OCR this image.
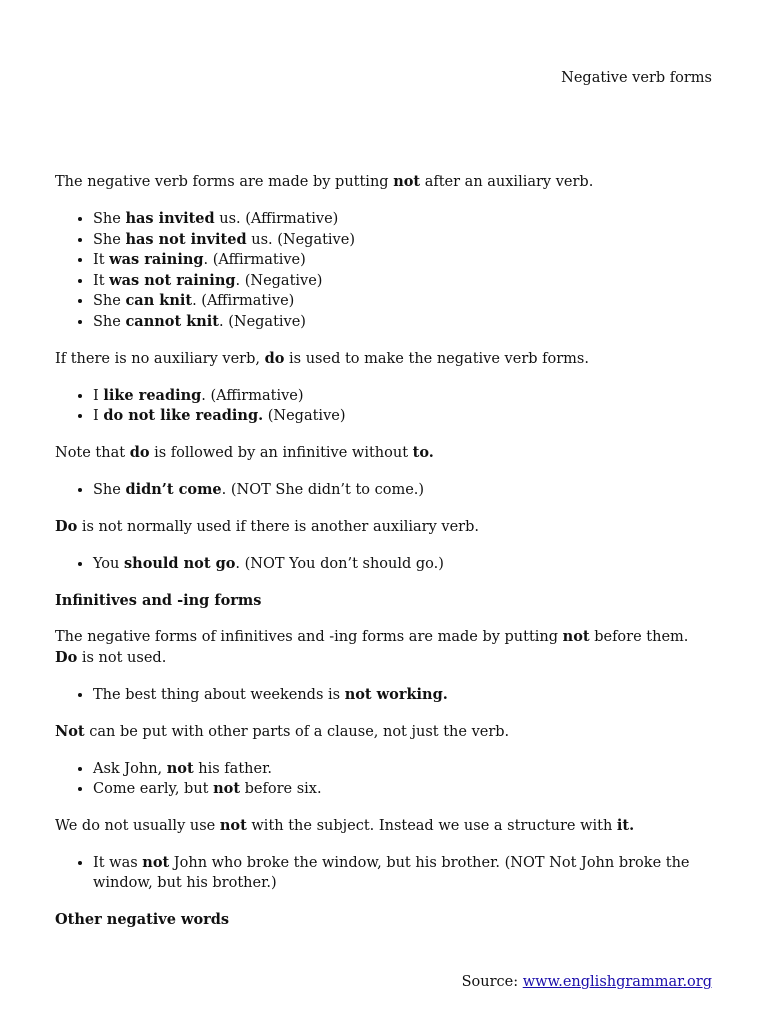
Negative verb forms

The negative verb forms are made by putting not after an auxiliary verb.

• She has invited us. (Affirmative)
• She has not invited us. (Negative)
• It was raining. (Affirmative)
• It was not raining. (Negative)
• She can knit. (Affirmative)
• She cannot knit. (Negative)

If there is no auxiliary verb, do is used to make the negative verb forms.

• I like reading. (Affirmative)
• I do not like reading. (Negative)

Note that do is followed by an infinitive without to.

• She didn’t come. (NOT She didn’t to come.)

Do is not normally used if there is another auxiliary verb.

• You should not go. (NOT You don’t should go.)
Infinitives and -ing forms

The negative forms of infinitives and -ing forms are made by putting not before them. Do is not used.

• The best thing about weekends is not working.

Not can be put with other parts of a clause, not just the verb.

• Ask John, not his father.
• Come early, but not before six.

We do not usually use not with the subject. Instead we use a structure with it.

• It was not John who broke the window, but his brother. (NOT Not John broke the window, but his brother.)
Other negative words
Source: www.englishgrammar.org
